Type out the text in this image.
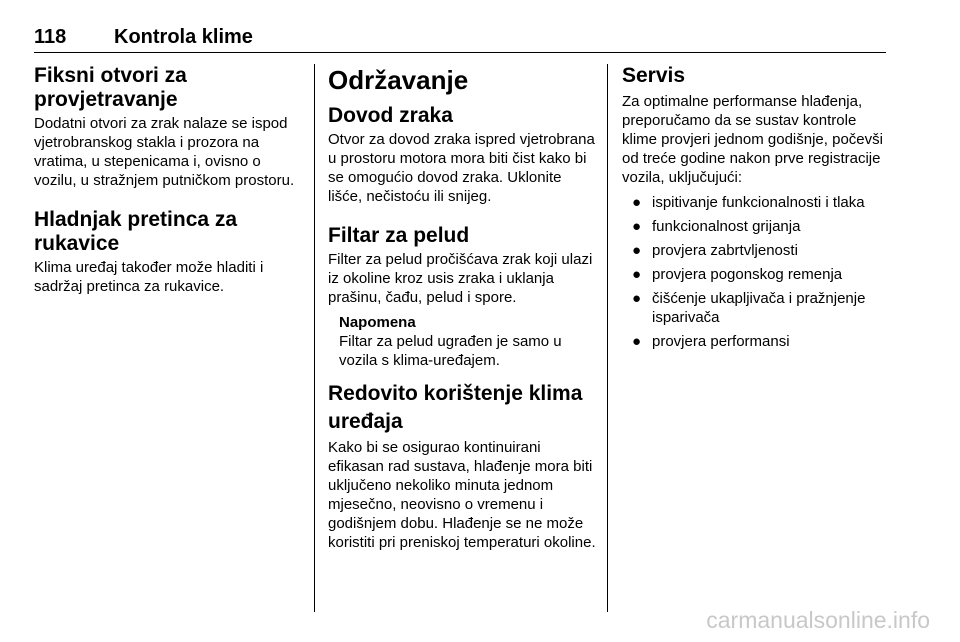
118 Kontrola klime
Fiksni otvori za provjetravanje

Dodatni otvori za zrak nalaze se ispod vjetrobranskog stakla i prozora na vratima, u stepenicama i, ovisno o vozilu, u stražnjem putničkom prostoru.

Hladnjak pretinca za rukavice

Klima uređaj također može hladiti i sadržaj pretinca za rukavice.

Održavanje
Dovod zraka

Otvor za dovod zraka ispred vjetrobrana u prostoru motora mora biti čist kako bi se omogućio dovod zraka. Uklonite lišće, nečistoću ili snijeg.

Filtar za pelud

Filter za pelud pročišćava zrak koji ulazi iz okoline kroz usis zraka i uklanja prašinu, čađu, pelud i spore.

Napomena
Filtar za pelud ugrađen je samo u vozila s klima-uređajem.
Redovito korištenje klima uređaja

Kako bi se osigurao kontinuirani efikasan rad sustava, hlađenje mora biti uključeno nekoliko minuta jednom mjesečno, neovisno o vremenu i godišnjem dobu. Hlađenje se ne može koristiti pri preniskoj temperaturi okoline.

Servis

Za optimalne performanse hlađenja, preporučamo da se sustav kontrole klime provjeri jednom godišnje, počevši od treće godine nakon prve registracije vozila, uključujući:

● ispitivanje funkcionalnosti i tlaka
● funkcionalnost grijanja
● provjera zabrtvljenosti
● provjera pogonskog remenja
● čišćenje ukapljivača i pražnjenje isparivača
● provjera performansi
carmanualsonline.info
